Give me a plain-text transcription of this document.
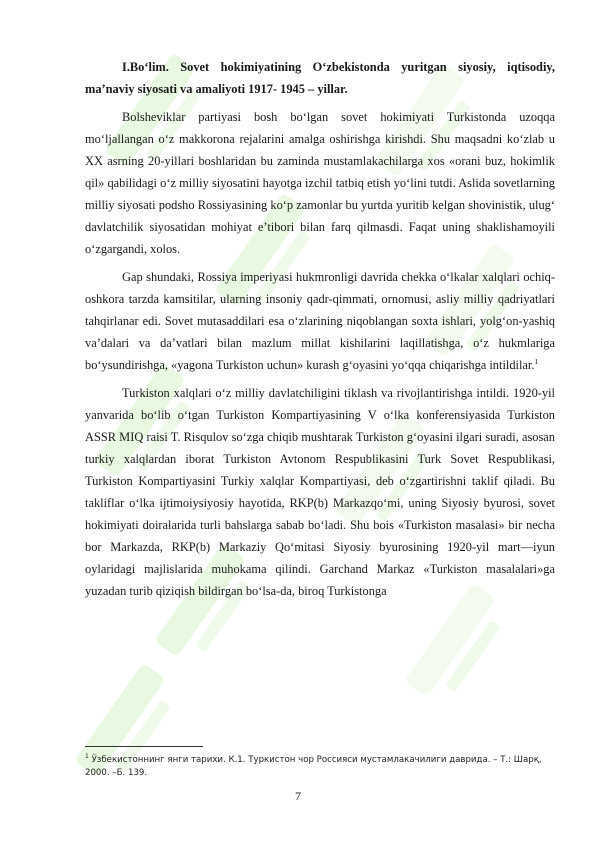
I.Bo‘lim. Sovet hokimiyatining O‘zbekistonda yuritgan siyosiy, iqtisodiy, ma’naviy siyosati va amaliyoti 1917- 1945 – yillar.

Bolsheviklar partiyasi bosh bo‘lgan sovet hokimiyati Turkistonda uzoqqa mo‘ljallangan o‘z makkorona rejalarini amalga oshirishga kirishdi. Shu maqsadni ko‘zlab u XX asrning 20-yillari boshlaridan bu zaminda mustamlakachilarga xos «orani buz, hokimlik qil» qabilidagi o‘z milliy siyosatini hayotga izchil tatbiq etish yo‘lini tutdi. Aslida sovetlarning milliy siyosati podsho Rossiyasining ko‘p zamonlar bu yurtda yuritib kelgan shovinistik, ulug‘ davlatchilik siyosatidan mohiyat e’tibori bilan farq qilmasdi. Faqat uning shaklishamoyili o‘zgargandi, xolos.

Gap shundaki, Rossiya imperiyasi hukmronligi davrida chekka o‘lkalar xalqlari ochiq-oshkora tarzda kamsitilar, ularning insoniy qadr-qimmati, ornomusi, asliy milliy qadriyatlari tahqirlanar edi. Sovet mutasaddilari esa o‘zlarining niqoblangan soxta ishlari, yolg‘on-yashiq va’dalari va da’vatlari bilan mazlum millat kishilarini laqillatishga, o‘z hukmlariga bo‘ysundirishga, «yagona Turkiston uchun» kurash g‘oyasini yo‘qqa chiqarishga intildilar.$^1$

Turkiston xalqlari o‘z milliy davlatchiligini tiklash va rivojlantirishga intildi. 1920-yil yanvarida bo‘lib o‘tgan Turkiston Kompartiyasining V o‘lka konferensiyasida Turkiston ASSR MIQ raisi T. Risqulov so‘zga chiqib mushtarak Turkiston g‘oyasini ilgari suradi, asosan turkiy xalqlardan iborat Turkiston Avtonom Respublikasini Turk Sovet Respublikasi, Turkiston Kompartiyasini Turkiy xalqlar Kompartiyasi, deb o‘zgartirishni taklif qiladi. Bu takliflar o‘lka ijtimoiysiyosiy hayotida, RKP(b) Markazqo‘mi, uning Siyosiy byurosi, sovet hokimiyati doiralarida turli bahslarga sabab bo‘ladi. Shu bois «Turkiston masalasi» bir necha bor Markazda, RKP(b) Markaziy Qo‘mitasi Siyosiy byurosining 1920-yil mart—iyun oylaridagi majlislarida muhokama qilindi. Garchand Markaz «Turkiston masalalari»ga yuzadan turib qiziqish bildirgan bo‘lsa-da, biroq Turkistonga

$^1$ Ўзбекистоннинг янги тарихи. К.1. Туркистон чор Россияси мустамлакачилиги даврида. – Т.: Шарқ, 2000. –Б. 139.
7
